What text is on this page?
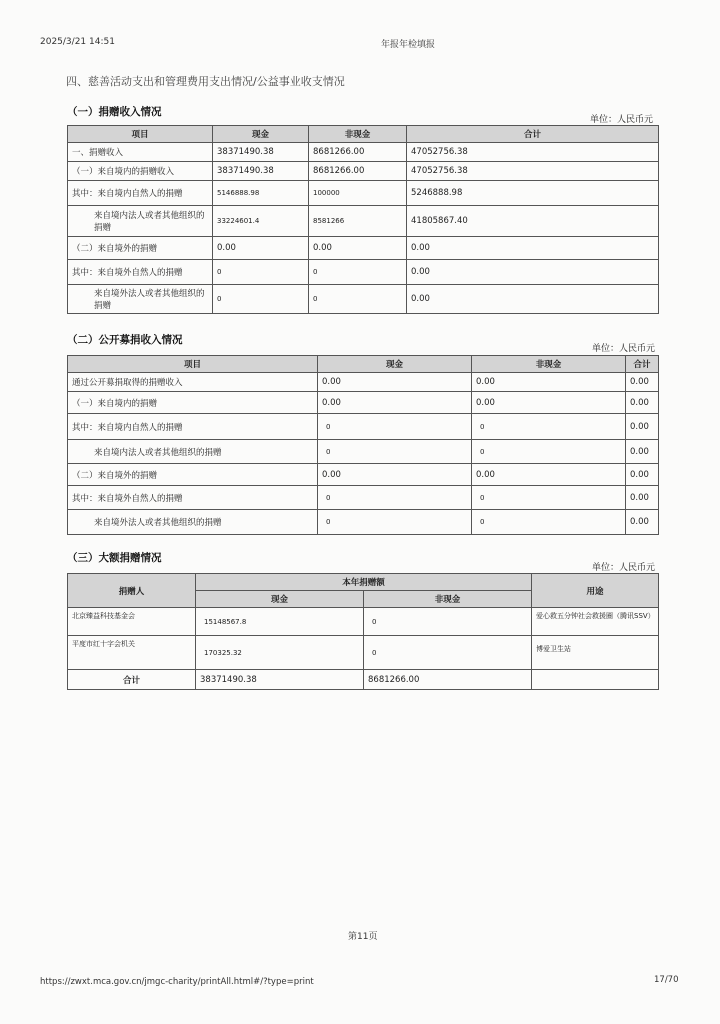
2025/3/21 14:51	年报年检填报
四、慈善活动支出和管理费用支出情况/公益事业收支情况
（一）捐赠收入情况
单位：人民币元
项目	现金	非现金	合计
一、捐赠收入	38371490.38	8681266.00	47052756.38
（一）来自境内的捐赠收入	38371490.38	8681266.00	47052756.38
其中：来自境内自然人的捐赠	5146888.98	100000	5246888.98
来自境内法人或者其他组织的捐赠	33224601.4	8581266	41805867.40
（二）来自境外的捐赠	0.00	0.00	0.00
其中：来自境外自然人的捐赠	0	0	0.00
来自境外法人或者其他组织的捐赠	0	0	0.00
（二）公开募捐收入情况
单位：人民币元
项目	现金	非现金	合计
通过公开募捐取得的捐赠收入	0.00	0.00	0.00
（一）来自境内的捐赠	0.00	0.00	0.00
其中：来自境内自然人的捐赠	0	0	0.00
来自境内法人或者其他组织的捐赠	0	0	0.00
（二）来自境外的捐赠	0.00	0.00	0.00
其中：来自境外自然人的捐赠	0	0	0.00
来自境外法人或者其他组织的捐赠	0	0	0.00
（三）大额捐赠情况
单位：人民币元
捐赠人	本年捐赠额		用途
	现金	非现金	
北京臻益科技基金会	15148567.8	0	爱心救五分钟社会救援圈（腾讯SSV）
平度市红十字会机关	170325.32	0	博爱卫生站
合计	38371490.38	8681266.00	
第11页
https://zwxt.mca.gov.cn/jmgc-charity/printAll.html#/?type=print	17/70
